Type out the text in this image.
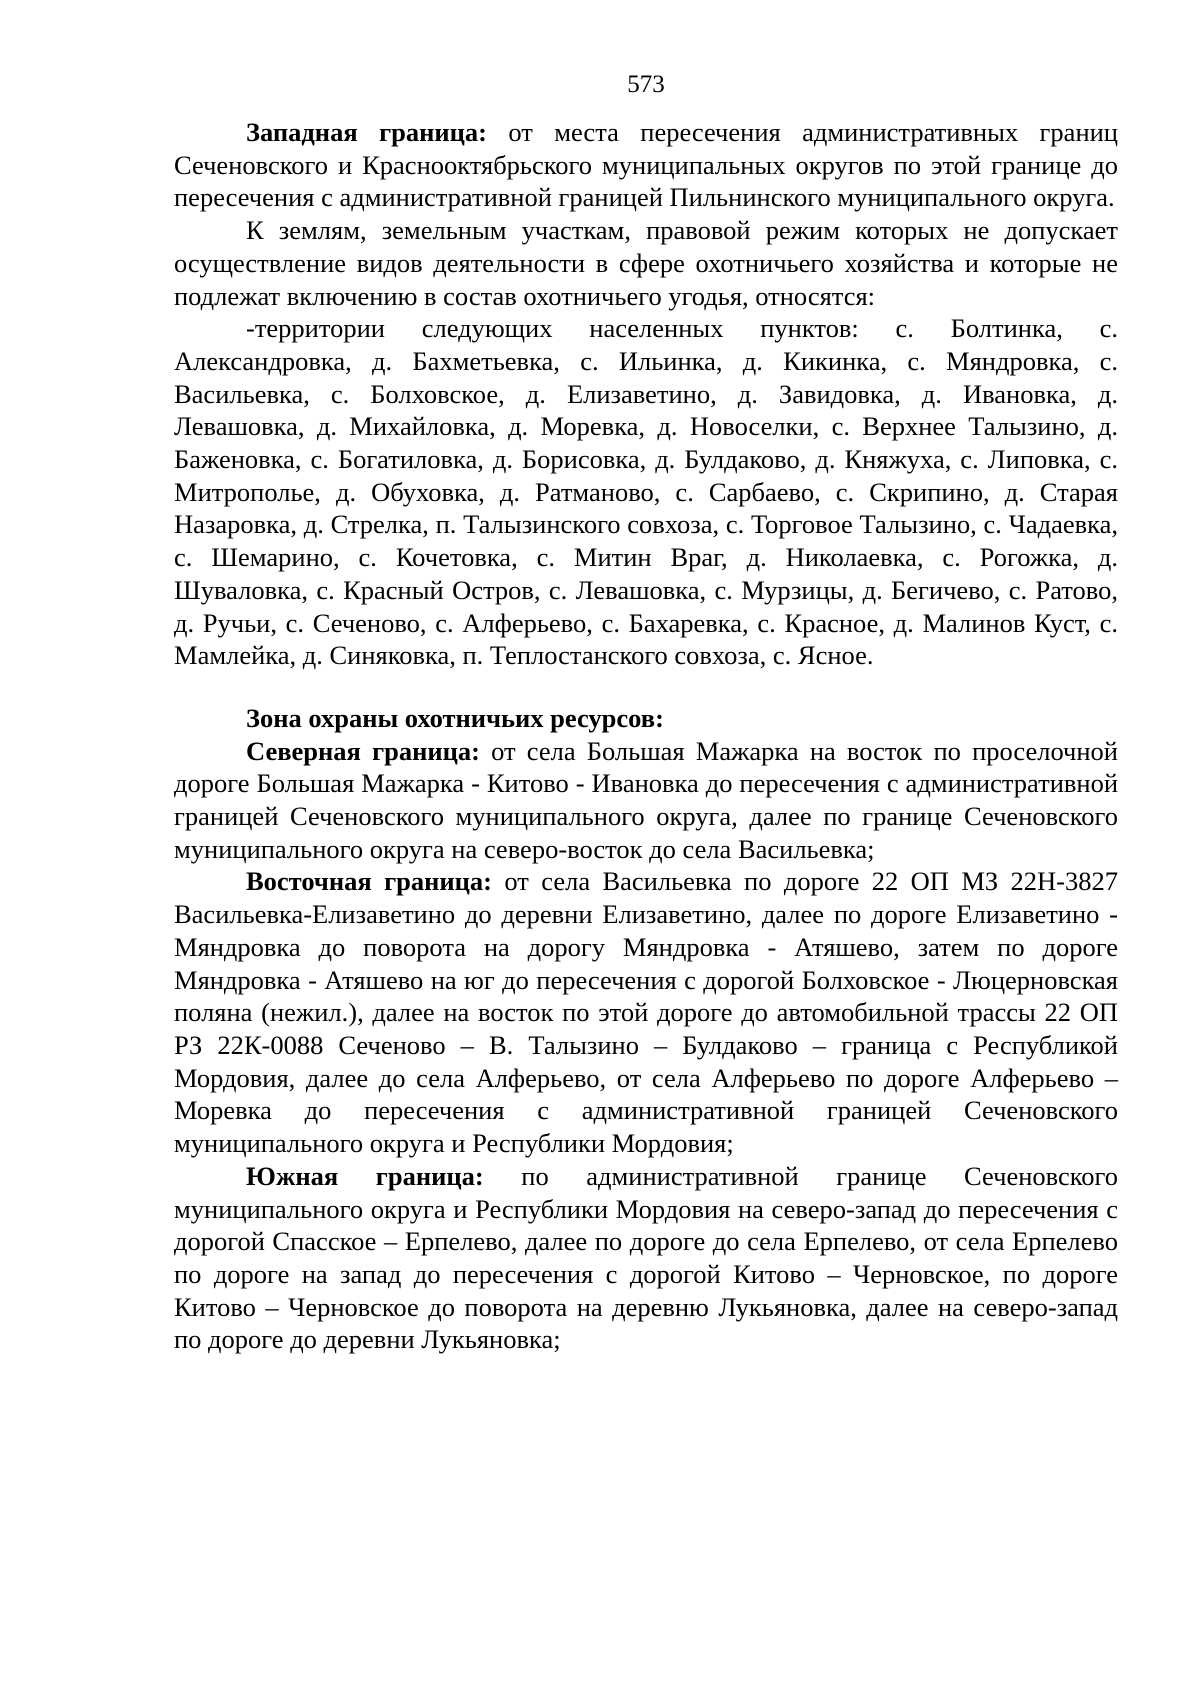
573

Западная граница: от места пересечения административных границ Сеченовского и Краснооктябрьского муниципальных округов по этой границе до пересечения с административной границей Пильнинского муниципального округа.

К землям, земельным участкам, правовой режим которых не допускает осуществление видов деятельности в сфере охотничьего хозяйства и которые не подлежат включению в состав охотничьего угодья, относятся:

-территории следующих населенных пунктов: с. Болтинка, с. Александровка, д. Бахметьевка, с. Ильинка, д. Кикинка, с. Мяндровка, с. Васильевка, с. Болховское, д. Елизаветино, д. Завидовка, д. Ивановка, д. Левашовка, д. Михайловка, д. Моревка, д. Новоселки, с. Верхнее Талызино, д. Баженовка, с. Богатиловка, д. Борисовка, д. Булдаково, д. Княжуха, с. Липовка, с. Митрополье, д. Обуховка, д. Ратманово, с. Сарбаево, с. Скрипино, д. Старая Назаровка, д. Стрелка, п. Талызинского совхоза, с. Торговое Талызино, с. Чадаевка, с. Шемарино, с. Кочетовка, с. Митин Враг, д. Николаевка, с. Рогожка, д. Шуваловка, с. Красный Остров, с. Левашовка, с. Мурзицы, д. Бегичево, с. Ратово, д. Ручьи, с. Сеченово, с. Алферьево, с. Бахаревка, с. Красное, д. Малинов Куст, с. Мамлейка, д. Синяковка, п. Теплостанского совхоза, с. Ясное.

Зона охраны охотничьих ресурсов:

Северная граница: от села Большая Мажарка на восток по проселочной дороге Большая Мажарка - Китово - Ивановка до пересечения с административной границей Сеченовского муниципального округа, далее по границе Сеченовского муниципального округа на северо-восток до села Васильевка;

Восточная граница: от села Васильевка по дороге 22 ОП МЗ 22Н-3827 Васильевка-Елизаветино до деревни Елизаветино, далее по дороге Елизаветино - Мяндровка до поворота на дорогу Мяндровка - Атяшево, затем по дороге Мяндровка - Атяшево на юг до пересечения с дорогой Болховское - Люцерновская поляна (нежил.), далее на восток по этой дороге до автомобильной трассы 22 ОП РЗ 22К-0088 Сеченово – В. Талызино – Булдаково – граница с Республикой Мордовия, далее до села Алферьево, от села Алферьево по дороге Алферьево – Моревка до пересечения с административной границей Сеченовского муниципального округа и Республики Мордовия;

Южная граница: по административной границе Сеченовского муниципального округа и Республики Мордовия на северо-запад до пересечения с дорогой Спасское – Ерпелево, далее по дороге до села Ерпелево, от села Ерпелево по дороге на запад до пересечения с дорогой Китово – Черновское, по дороге Китово – Черновское до поворота на деревню Лукьяновка, далее на северо-запад по дороге до деревни Лукьяновка;
